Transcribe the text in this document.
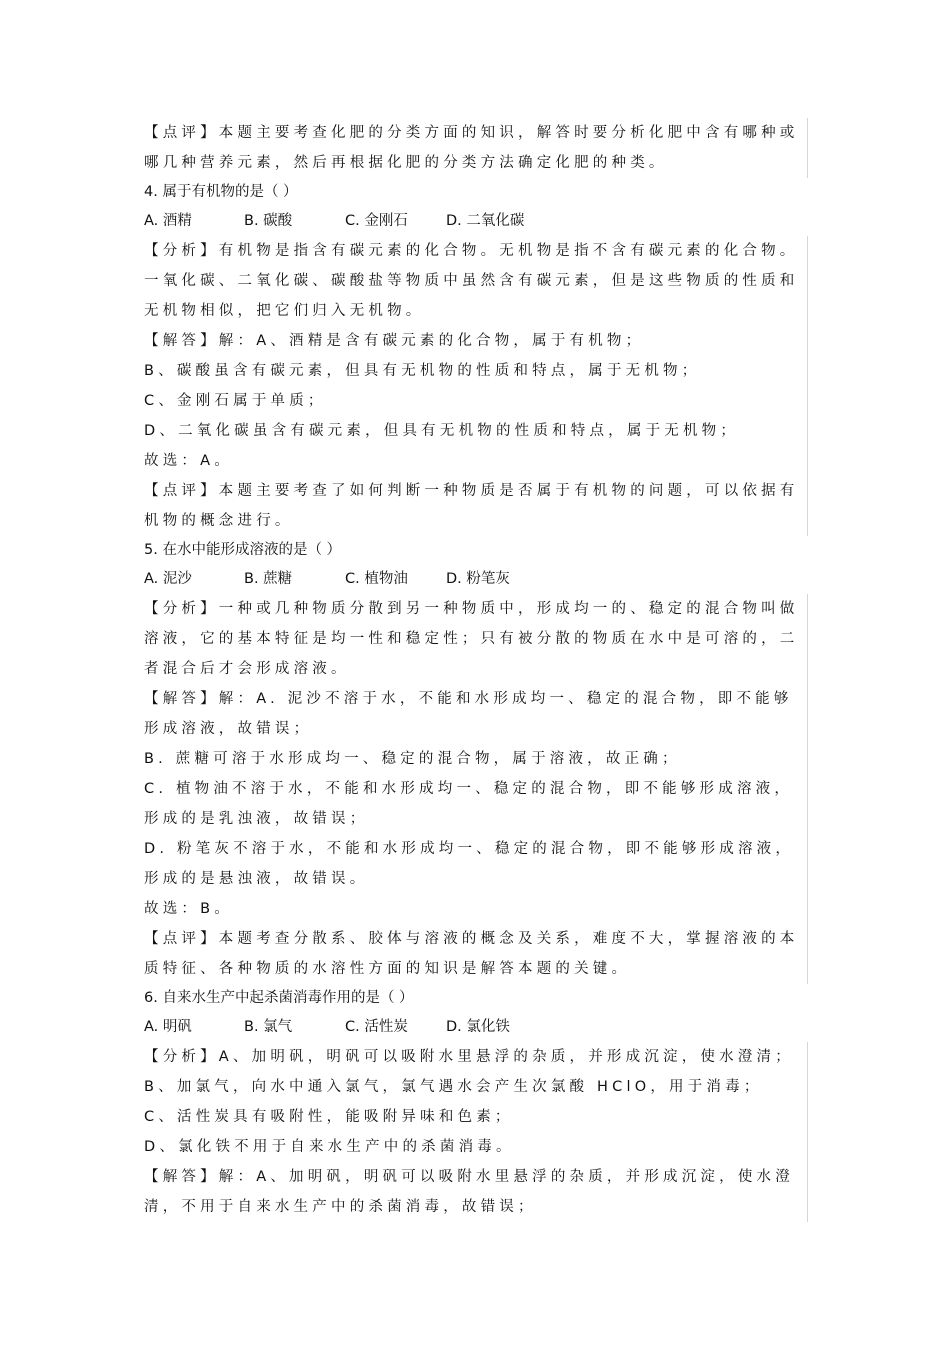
【点评】本题主要考查化肥的分类方面的知识，解答时要分析化肥中含有哪种或
哪几种营养元素，然后再根据化肥的分类方法确定化肥的种类。
4. 属于有机物的是（ ）
A. 酒精	B. 碳酸	C. 金刚石	D. 二氧化碳
【分析】有机物是指含有碳元素的化合物。无机物是指不含有碳元素的化合物。
一氧化碳、二氧化碳、碳酸盐等物质中虽然含有碳元素，但是这些物质的性质和
无机物相似，把它们归入无机物。
【解答】解：A、酒精是含有碳元素的化合物，属于有机物；
B、碳酸虽含有碳元素，但具有无机物的性质和特点，属于无机物；
C、金刚石属于单质；
D、二氧化碳虽含有碳元素，但具有无机物的性质和特点，属于无机物；
故选：A。
【点评】本题主要考查了如何判断一种物质是否属于有机物的问题，可以依据有
机物的概念进行。
5. 在水中能形成溶液的是（ ）
A. 泥沙	B. 蔗糖	C. 植物油	D. 粉笔灰
【分析】一种或几种物质分散到另一种物质中，形成均一的、稳定的混合物叫做
溶液，它的基本特征是均一性和稳定性；只有被分散的物质在水中是可溶的，二
者混合后才会形成溶液。
【解答】解：A. 泥沙不溶于水，不能和水形成均一、稳定的混合物，即不能够
形成溶液，故错误；
B. 蔗糖可溶于水形成均一、稳定的混合物，属于溶液，故正确；
C. 植物油不溶于水，不能和水形成均一、稳定的混合物，即不能够形成溶液，
形成的是乳浊液，故错误；
D. 粉笔灰不溶于水，不能和水形成均一、稳定的混合物，即不能够形成溶液，
形成的是悬浊液，故错误。
故选：B。
【点评】本题考查分散系、胶体与溶液的概念及关系，难度不大，掌握溶液的本
质特征、各种物质的水溶性方面的知识是解答本题的关键。
6. 自来水生产中起杀菌消毒作用的是（ ）
A. 明矾	B. 氯气	C. 活性炭	D. 氯化铁
【分析】A、加明矾，明矾可以吸附水里悬浮的杂质，并形成沉淀，使水澄清；
B、加氯气，向水中通入氯气，氯气遇水会产生次氯酸 HClO，用于消毒；
C、活性炭具有吸附性，能吸附异味和色素；
D、氯化铁不用于自来水生产中的杀菌消毒。
【解答】解：A、加明矾，明矾可以吸附水里悬浮的杂质，并形成沉淀，使水澄
清，不用于自来水生产中的杀菌消毒，故错误；
